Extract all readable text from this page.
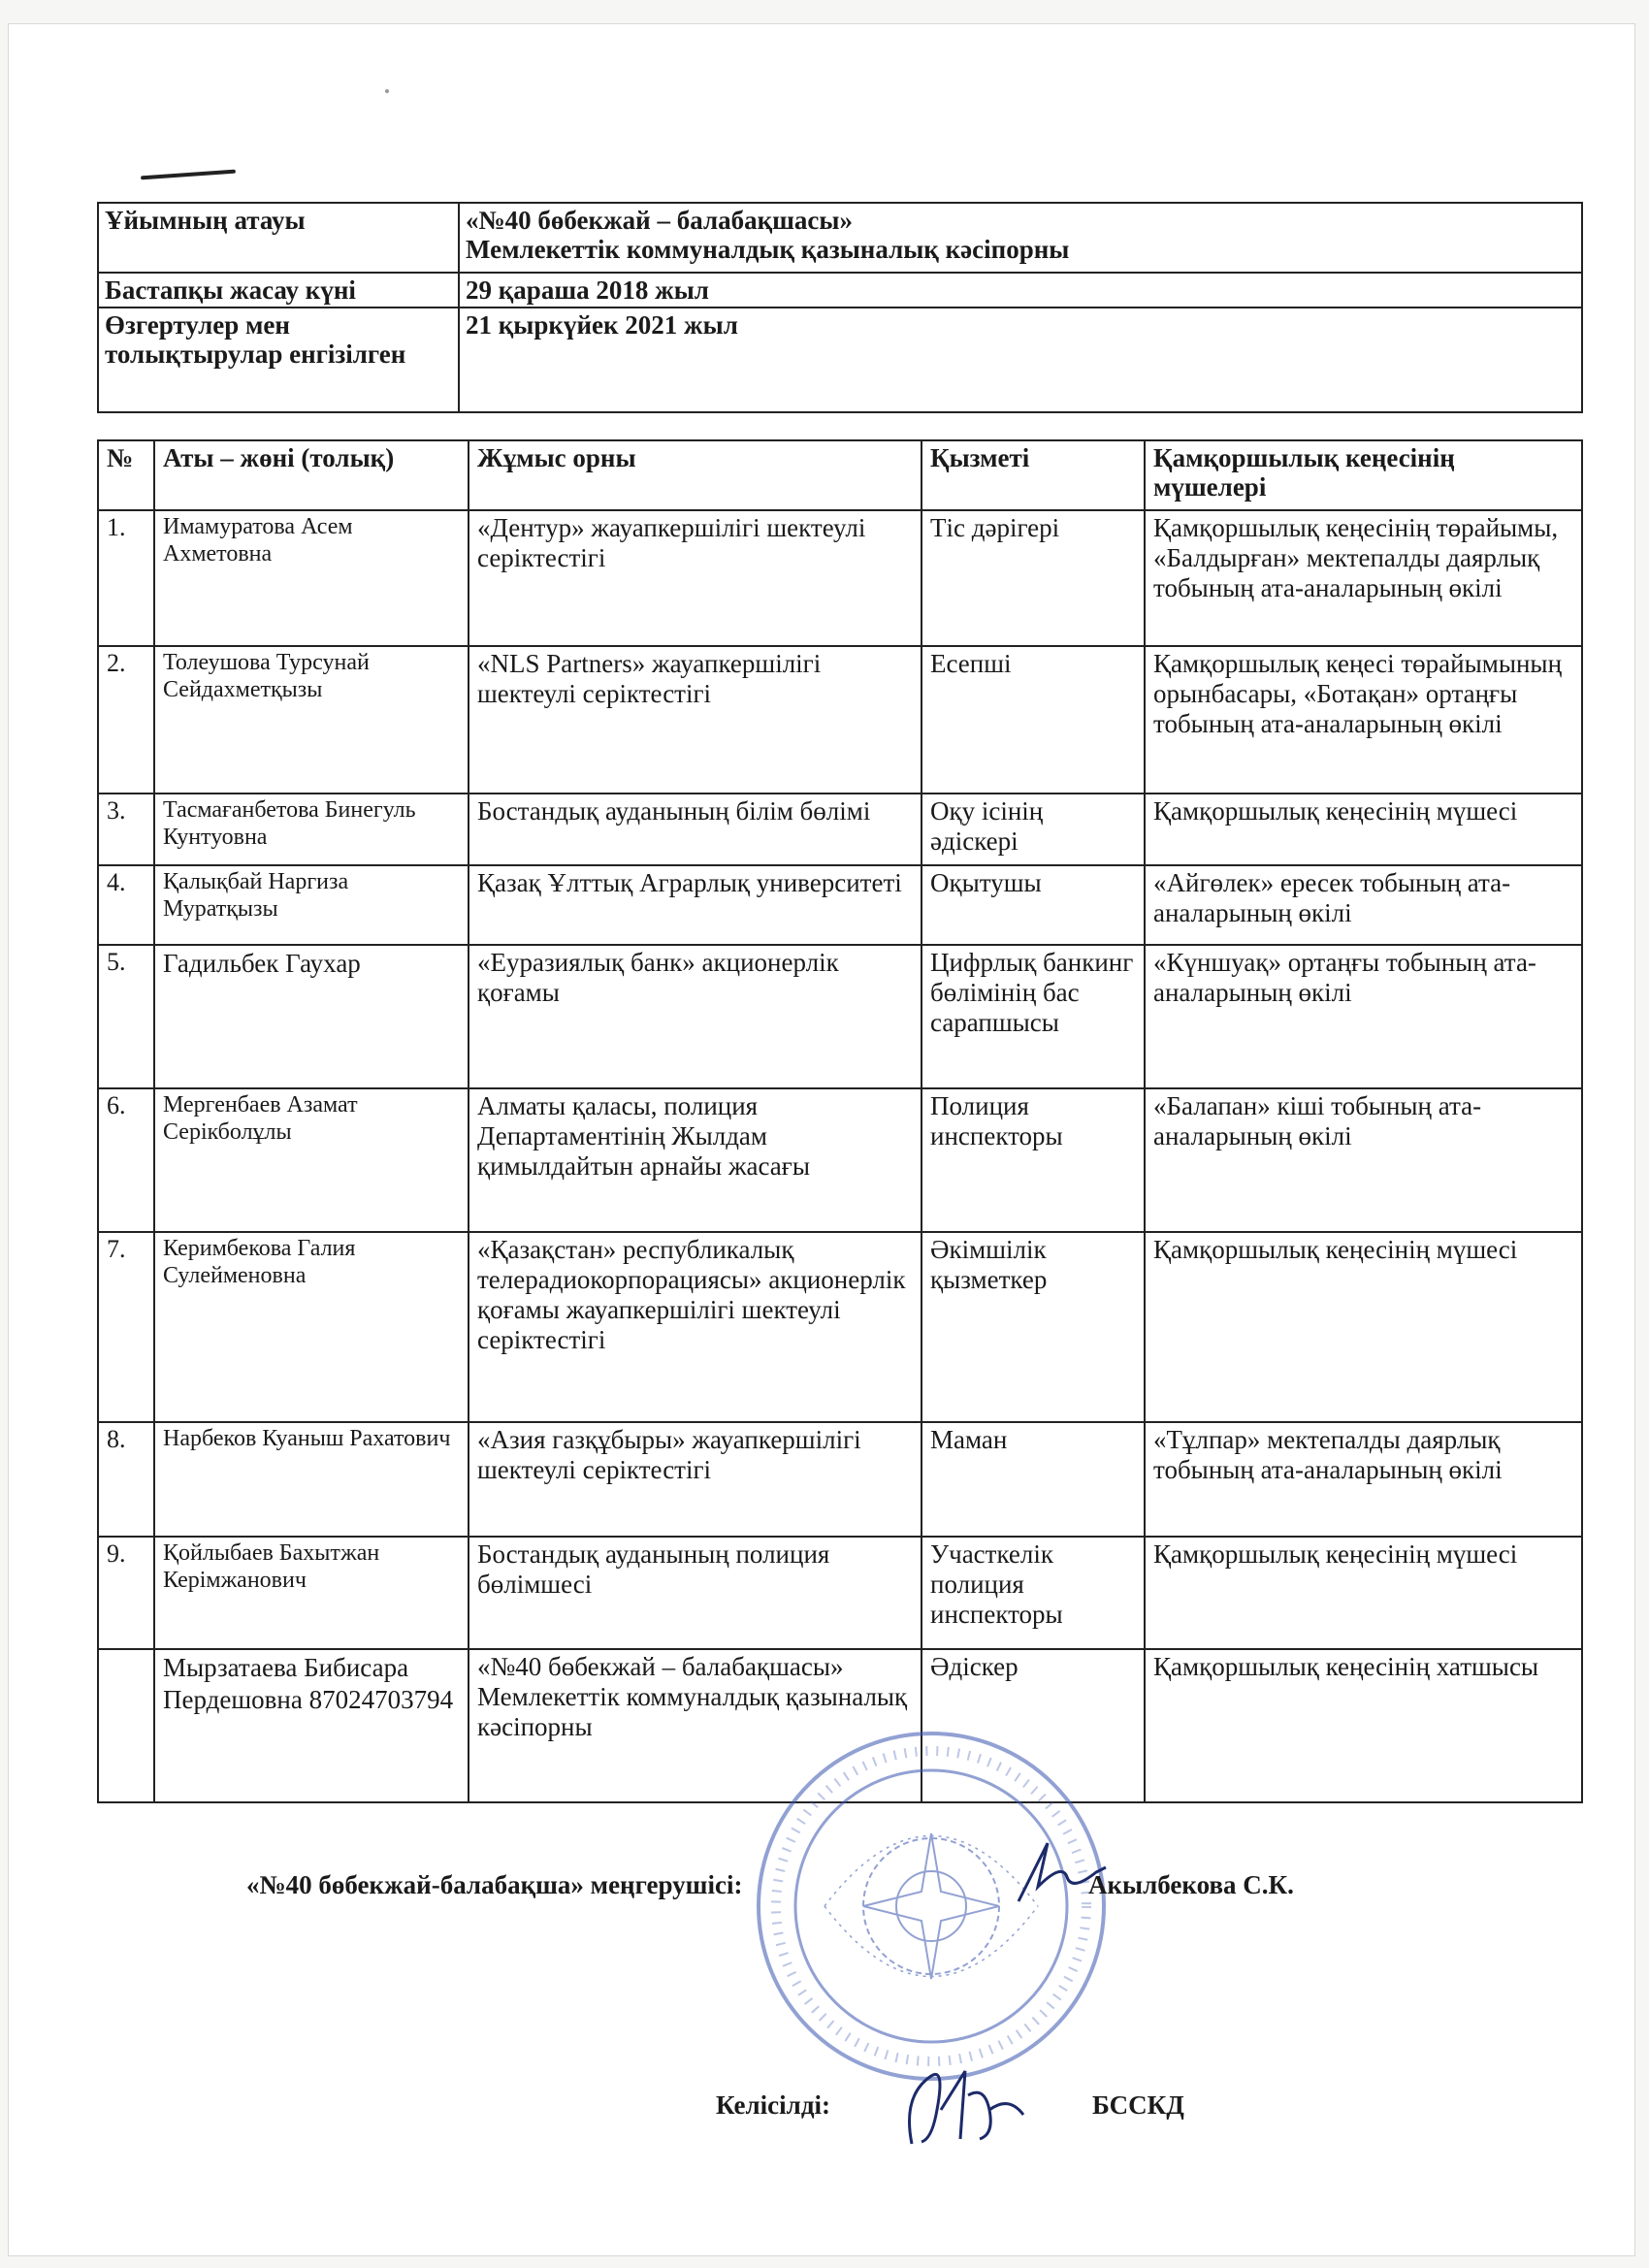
Ұйымның атауы	«№40 бөбекжай – балабақшасы»
Мемлекеттік коммуналдық қазыналық кәсіпорны

Бастапқы жасау күні	29 қараша 2018 жыл
Өзгертулер мен толықтырулар енгізілген	21 қыркүйек 2021 жыл
№	Аты – жөні (толық)	Жұмыс орны	Қызметі	Қамқоршылық кеңесінің мүшелері
1.	Имамуратова Асем Ахметовна	«Дентур» жауапкершілігі шектеулі серіктестігі	Тіс дәрігері	Қамқоршылық кеңесінің төрайымы, «Балдырған» мектепалды даярлық тобының ата-аналарының өкілі
2.	Толеушова Турсунай Сейдахметқызы	«NLS Partners» жауапкершілігі шектеулі серіктестігі	Есепші	Қамқоршылық кеңесі төрайымының орынбасары, «Ботақан» ортаңғы тобының ата-аналарының өкілі
3.	Тасмағанбетова Бинегуль Кунтуовна	Бостандық ауданының білім бөлімі	Оқу ісінің әдіскері	Қамқоршылық кеңесінің мүшесі
4.	Қалықбай Наргиза Муратқызы	Қазақ Ұлттық Аграрлық университеті	Оқытушы	«Айгөлек» ересек тобының ата-аналарының өкілі
5.	Гадильбек Гаухар	«Еуразиялық банк» акционерлік қоғамы	Цифрлық банкинг бөлімінің бас сарапшысы	«Күншуақ» ортаңғы тобының ата-аналарының өкілі
6.	Мергенбаев Азамат Серікболұлы	Алматы қаласы, полиция Департаментінің Жылдам қимылдайтын арнайы жасағы	Полиция инспекторы	«Балапан» кіші тобының ата-аналарының өкілі
7.	Керимбекова Галия Сулейменовна	«Қазақстан» республикалық телерадиокорпорациясы» акционерлік қоғамы жауапкершілігі шектеулі серіктестігі	Әкімшілік қызметкер	Қамқоршылық кеңесінің мүшесі
8.	Нарбеков Куаныш Рахатович	«Азия газқұбыры» жауапкершілігі шектеулі серіктестігі	Маман	«Тұлпар» мектепалды даярлық тобының ата-аналарының өкілі
9.	Қойлыбаев Бахытжан Керімжанович	Бостандық ауданының полиция бөлімшесі	Участкелік полиция инспекторы	Қамқоршылық кеңесінің мүшесі
	Мырзатаева Бибисара Пердешовна 87024703794	«№40 бөбекжай – балабақшасы» Мемлекеттік коммуналдық қазыналық кәсіпорны	Әдіскер	Қамқоршылық кеңесінің хатшысы
«№40 бөбекжай-балабақша» меңгерушісі:	Акылбекова С.К.
Келісілді:	БССКД
